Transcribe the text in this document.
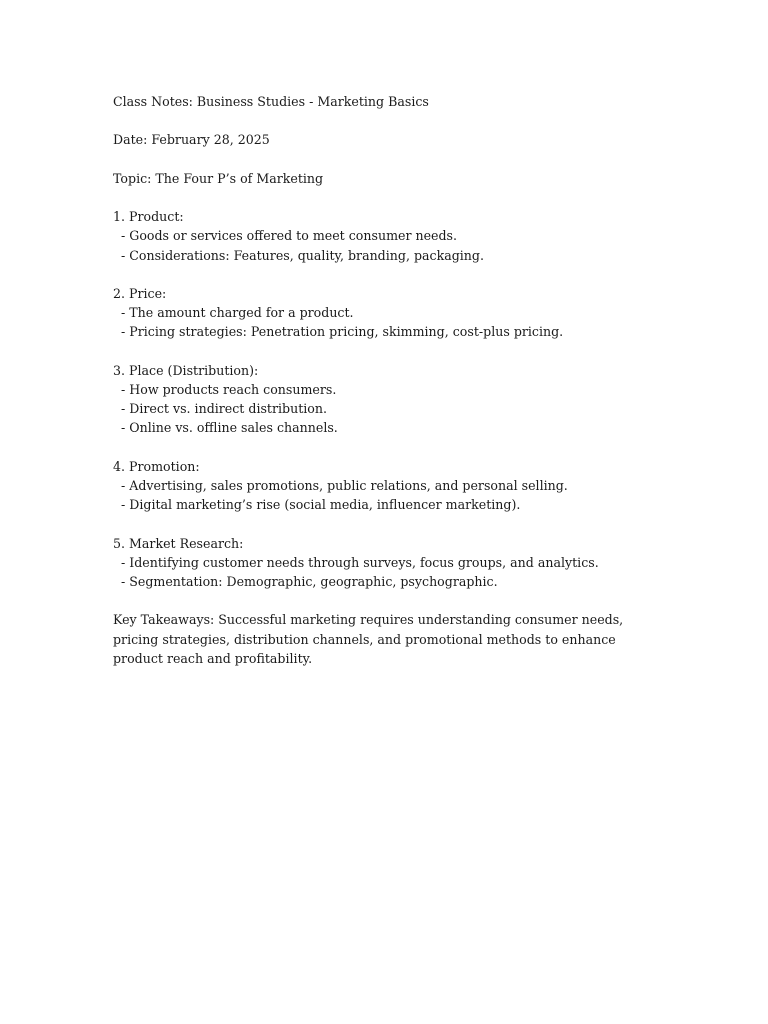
Class Notes: Business Studies - Marketing Basics
Date: February 28, 2025
Topic: The Four P’s of Marketing
1. Product:
- Goods or services offered to meet consumer needs.
- Considerations: Features, quality, branding, packaging.
2. Price:
- The amount charged for a product.
- Pricing strategies: Penetration pricing, skimming, cost-plus pricing.
3. Place (Distribution):
- How products reach consumers.
- Direct vs. indirect distribution.
- Online vs. offline sales channels.
4. Promotion:
- Advertising, sales promotions, public relations, and personal selling.
- Digital marketing’s rise (social media, influencer marketing).
5. Market Research:
- Identifying customer needs through surveys, focus groups, and analytics.
- Segmentation: Demographic, geographic, psychographic.
Key Takeaways: Successful marketing requires understanding consumer needs, pricing strategies, distribution channels, and promotional methods to enhance product reach and profitability.
